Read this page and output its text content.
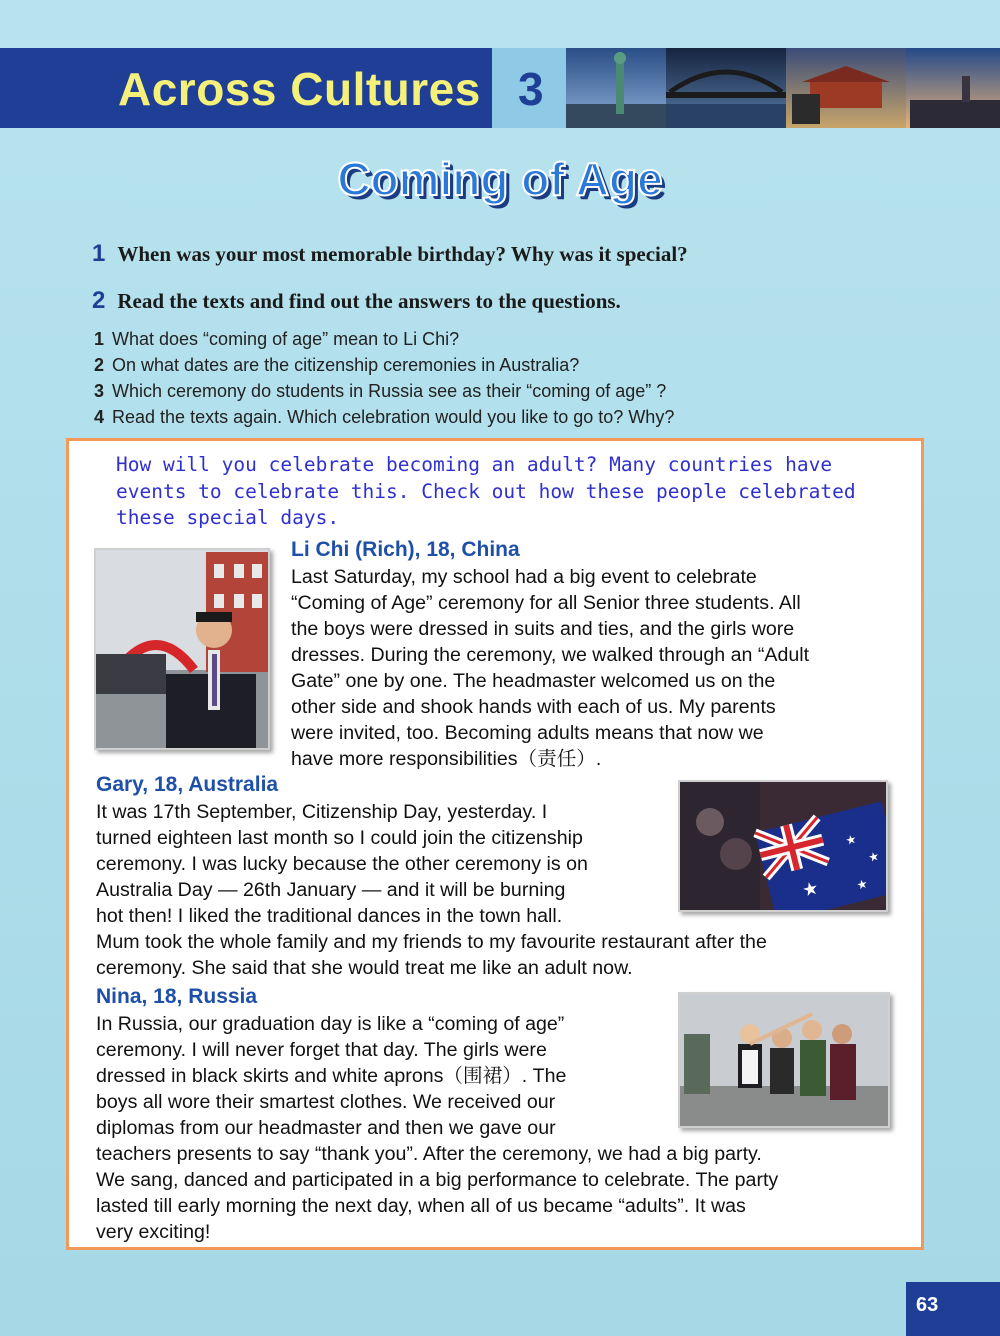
Across Cultures 3
Coming of Age
1 When was your most memorable birthday? Why was it special?
2 Read the texts and find out the answers to the questions.
1 What does “coming of age” mean to Li Chi?
2 On what dates are the citizenship ceremonies in Australia?
3 Which ceremony do students in Russia see as their “coming of age” ?
4 Read the texts again. Which celebration would you like to go to? Why?
How will you celebrate becoming an adult? Many countries have events to celebrate this. Check out how these people celebrated these special days.
Li Chi (Rich), 18, China
Last Saturday, my school had a big event to celebrate
“Coming of Age” ceremony for all Senior three students. All
the boys were dressed in suits and ties, and the girls wore
dresses. During the ceremony, we walked through an “Adult
Gate” one by one. The headmaster welcomed us on the
other side and shook hands with each of us. My parents
were invited, too. Becoming adults means that now we
have more responsibilities（责任）.
Gary, 18, Australia
It was 17th September, Citizenship Day, yesterday. I
turned eighteen last month so I could join the citizenship
ceremony. I was lucky because the other ceremony is on
Australia Day — 26th January — and it will be burning
hot then! I liked the traditional dances in the town hall.
Mum took the whole family and my friends to my favourite restaurant after the
ceremony. She said that she would treat me like an adult now.
★
★
★
★
Nina, 18, Russia
In Russia, our graduation day is like a “coming of age”
ceremony. I will never forget that day. The girls were
dressed in black skirts and white aprons（围裙）. The
boys all wore their smartest clothes. We received our
diplomas from our headmaster and then we gave our
teachers presents to say “thank you”. After the ceremony, we had a big party.
We sang, danced and participated in a big performance to celebrate. The party
lasted till early morning the next day, when all of us became “adults”. It was
very exciting!
63
